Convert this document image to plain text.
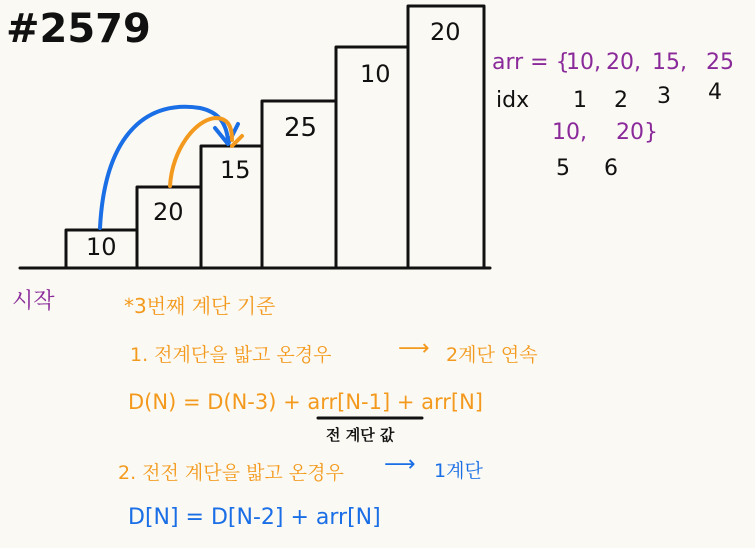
#2579
10
20
15
25
10
20
시작
arr = {
10, 20, 15, 25
idx 1 2 3 4
10, 20}
5 6
*3번째 계단 기준
1. 전계단을 밟고 온경우	⟶ 2계단 연속
D(N) = D(N-3) + arr[N-1] + arr[N]
전 계단 값
2. 전전 계단을 밟고 온경우 ⟶ 1계단
D[N] = D[N-2] + arr[N]
